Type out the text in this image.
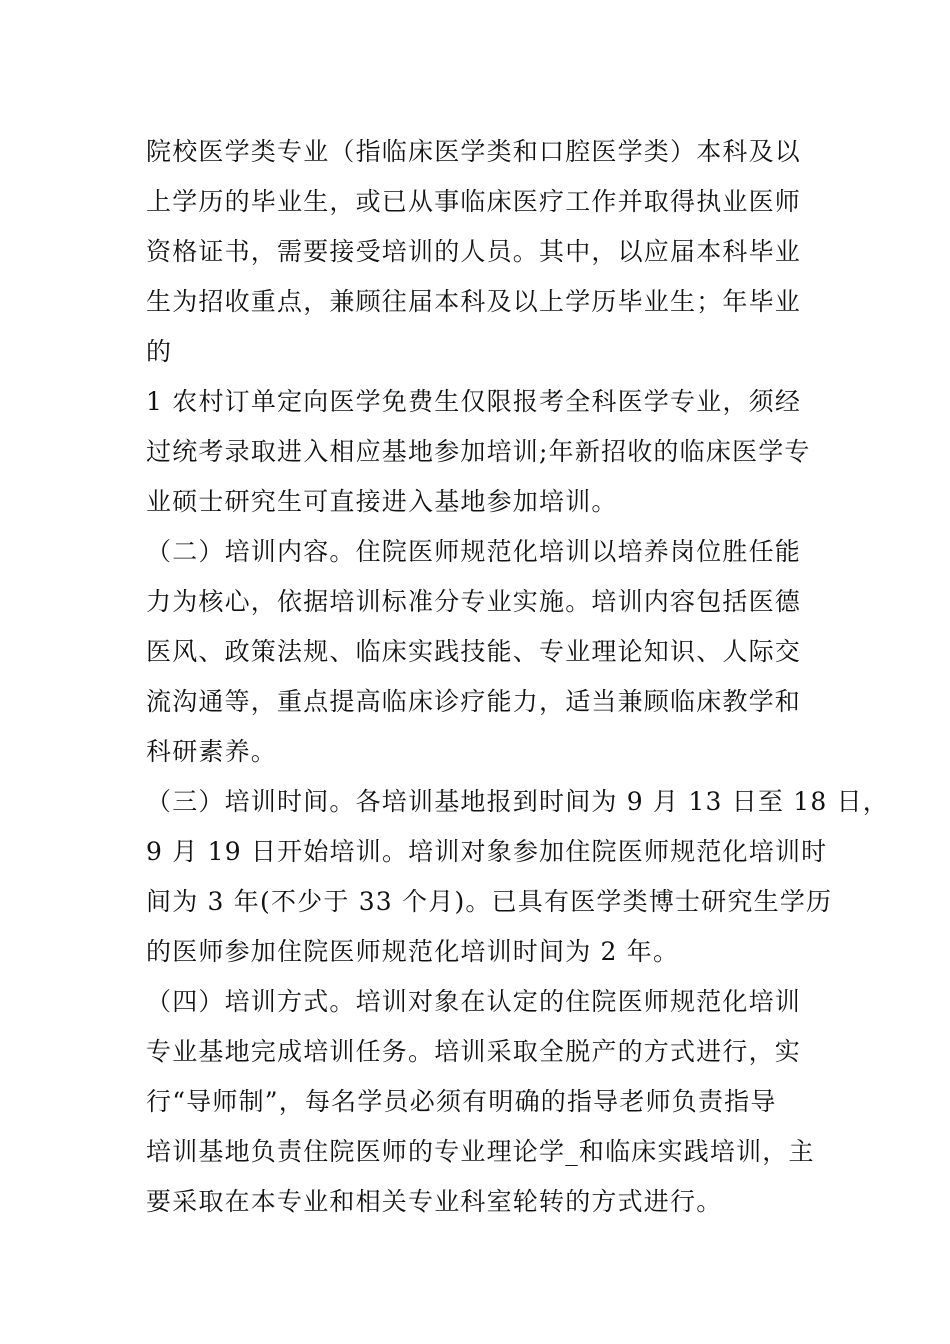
院校医学类专业（指临床医学类和口腔医学类）本科及以
上学历的毕业生，或已从事临床医疗工作并取得执业医师
资格证书，需要接受培训的人员。其中，以应届本科毕业
生为招收重点，兼顾往届本科及以上学历毕业生；年毕业
的
1 农村订单定向医学免费生仅限报考全科医学专业，须经
过统考录取进入相应基地参加培训;年新招收的临床医学专
业硕士研究生可直接进入基地参加培训。
（二）培训内容。住院医师规范化培训以培养岗位胜任能
力为核心，依据培训标准分专业实施。培训内容包括医德
医风、政策法规、临床实践技能、专业理论知识、人际交
流沟通等，重点提高临床诊疗能力，适当兼顾临床教学和
科研素养。
（三）培训时间。各培训基地报到时间为 9 月 13 日至 18 日，
9 月 19 日开始培训。培训对象参加住院医师规范化培训时
间为 3 年(不少于 33 个月)。已具有医学类博士研究生学历
的医师参加住院医师规范化培训时间为 2 年。
（四）培训方式。培训对象在认定的住院医师规范化培训
专业基地完成培训任务。培训采取全脱产的方式进行，实
行“导师制”，每名学员必须有明确的指导老师负责指导
培训基地负责住院医师的专业理论学_和临床实践培训，主
要采取在本专业和相关专业科室轮转的方式进行。
